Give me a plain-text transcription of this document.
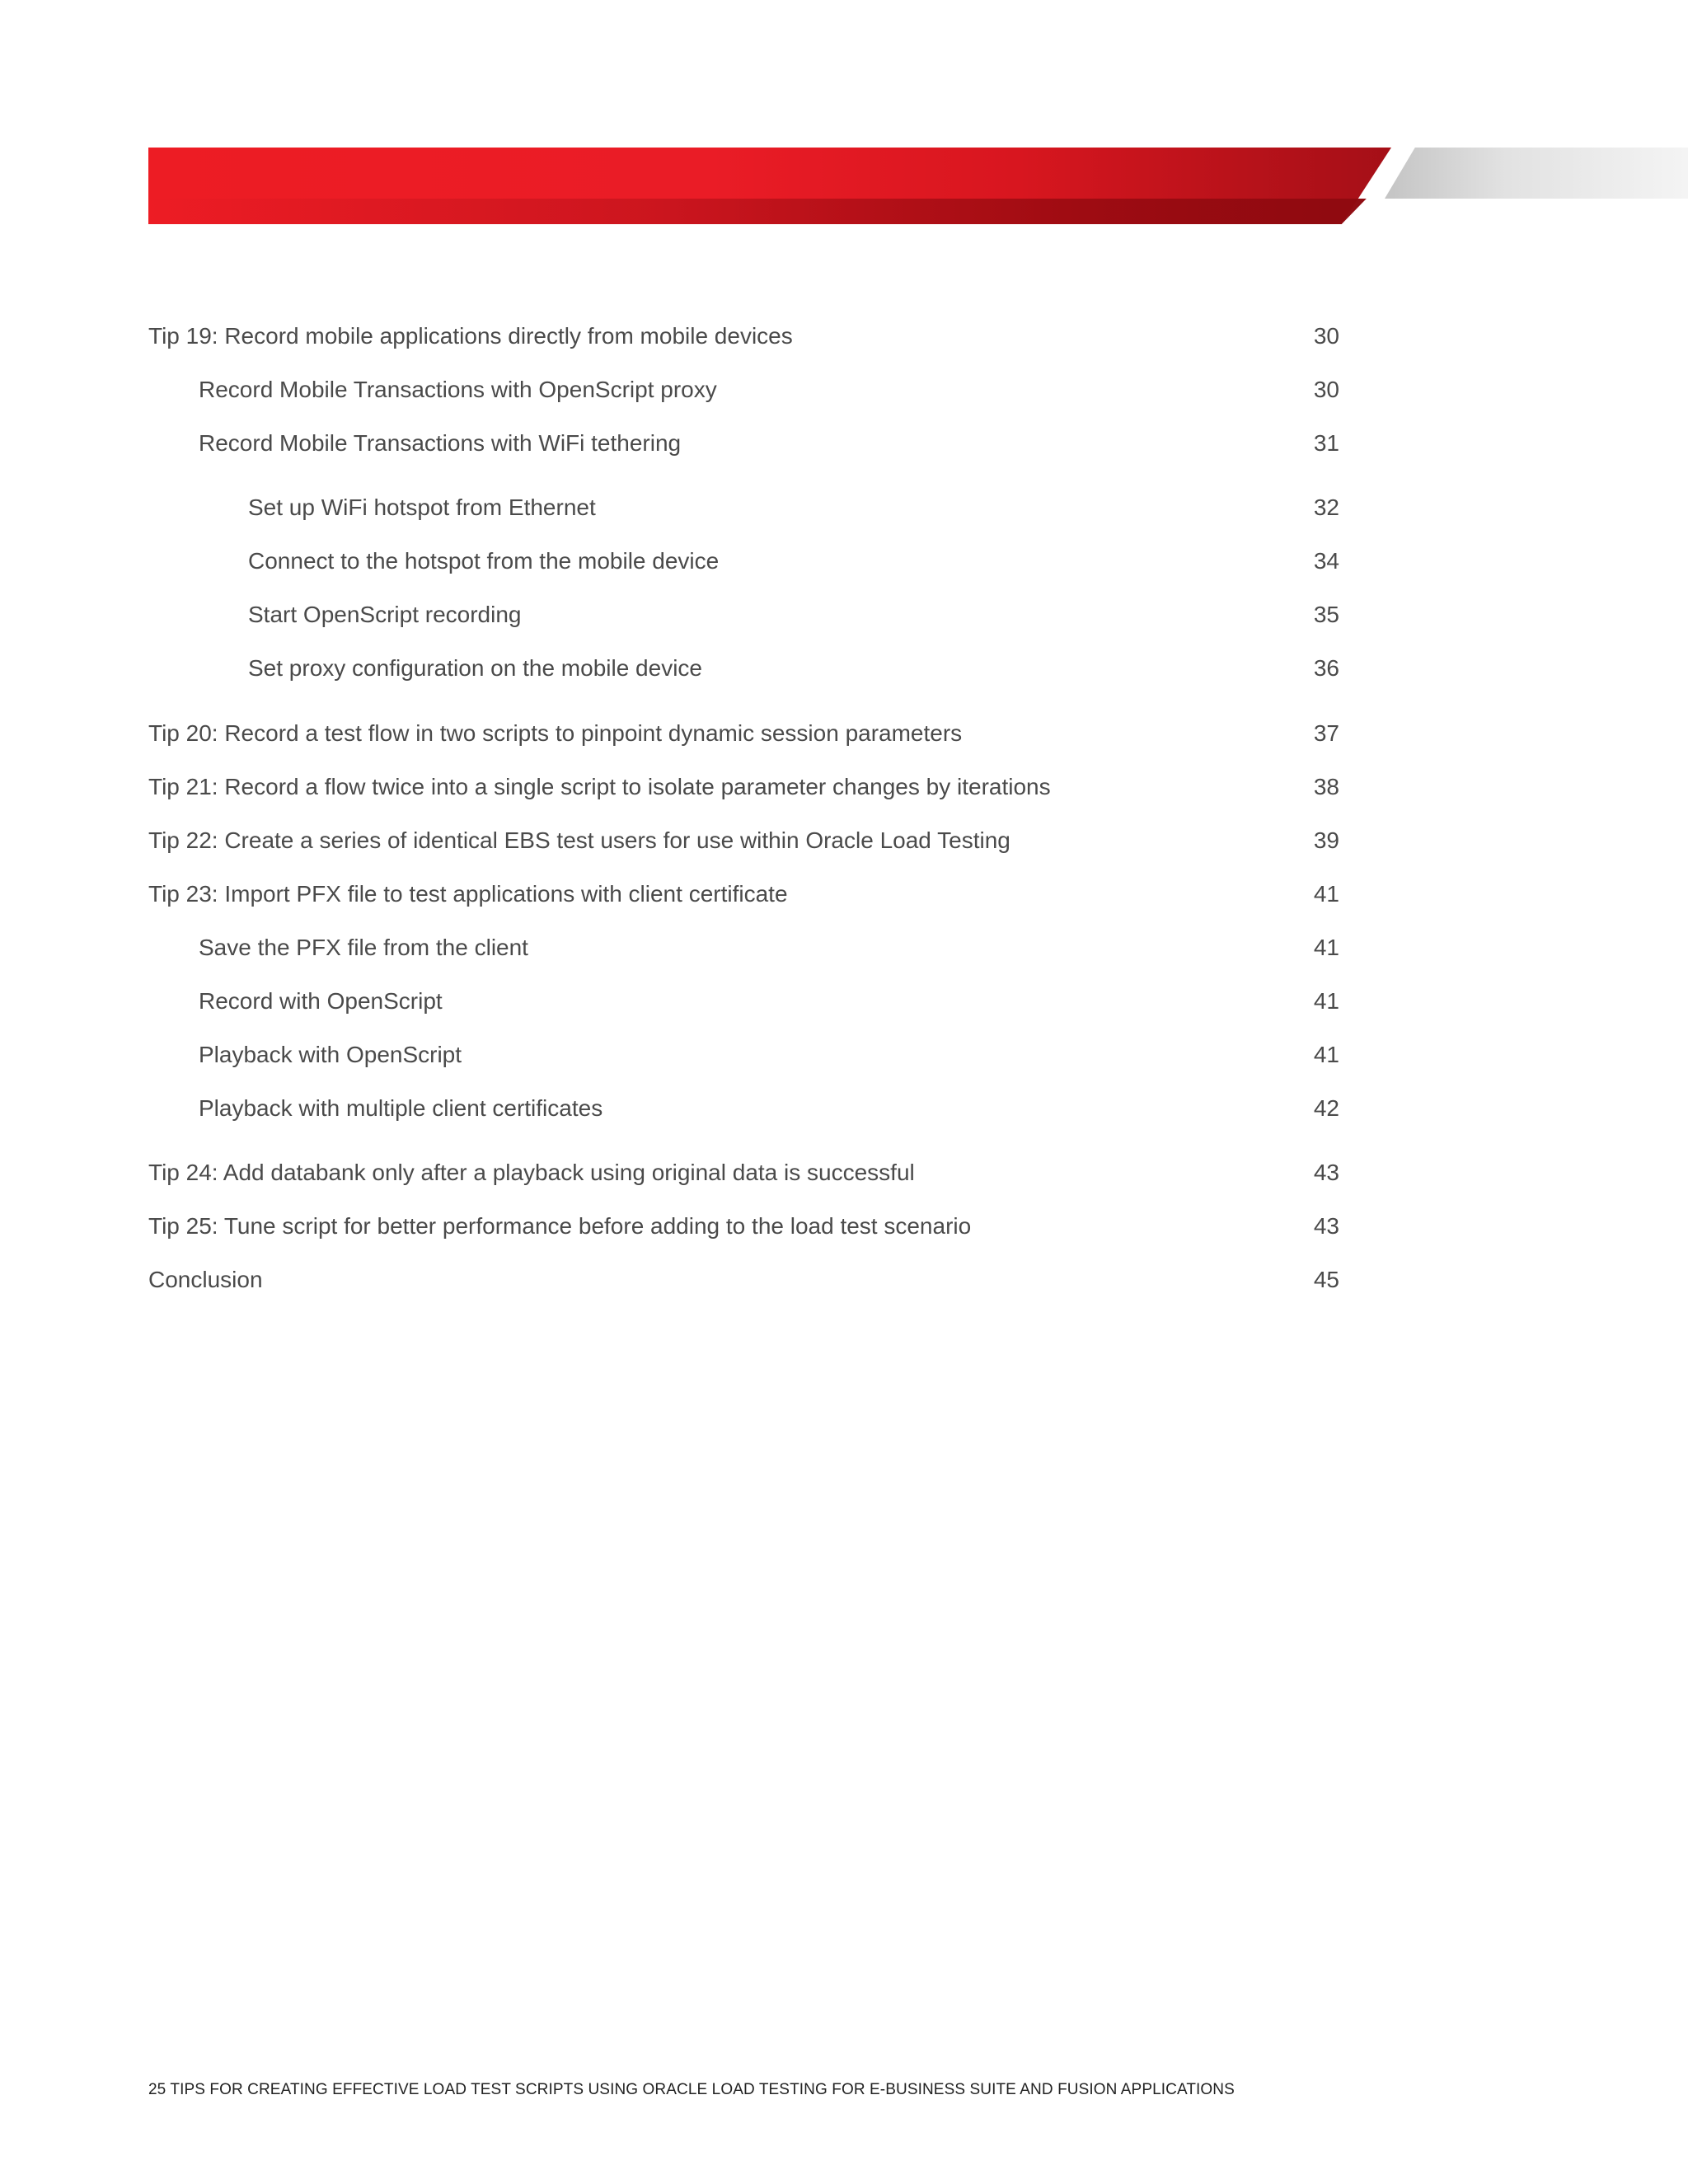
Tip 19: Record mobile applications directly from mobile devices	30
Record Mobile Transactions with OpenScript proxy	30
Record Mobile Transactions with WiFi tethering	31
Set up WiFi hotspot from Ethernet	32
Connect to the hotspot from the mobile device	34
Start OpenScript recording	35
Set proxy configuration on the mobile device	36
Tip 20: Record a test flow in two scripts to pinpoint dynamic session parameters	37
Tip 21: Record a flow twice into a single script to isolate parameter changes by iterations	38
Tip 22: Create a series of identical EBS test users for use within Oracle Load Testing	39
Tip 23: Import PFX file to test applications with client certificate	41
Save the PFX file from the client	41
Record with OpenScript	41
Playback with OpenScript	41
Playback with multiple client certificates	42
Tip 24: Add databank only after a playback using original data is successful	43
Tip 25: Tune script for better performance before adding to the load test scenario	43
Conclusion	45
25 TIPS FOR CREATING EFFECTIVE LOAD TEST SCRIPTS USING ORACLE LOAD TESTING FOR E-BUSINESS SUITE AND FUSION APPLICATIONS
